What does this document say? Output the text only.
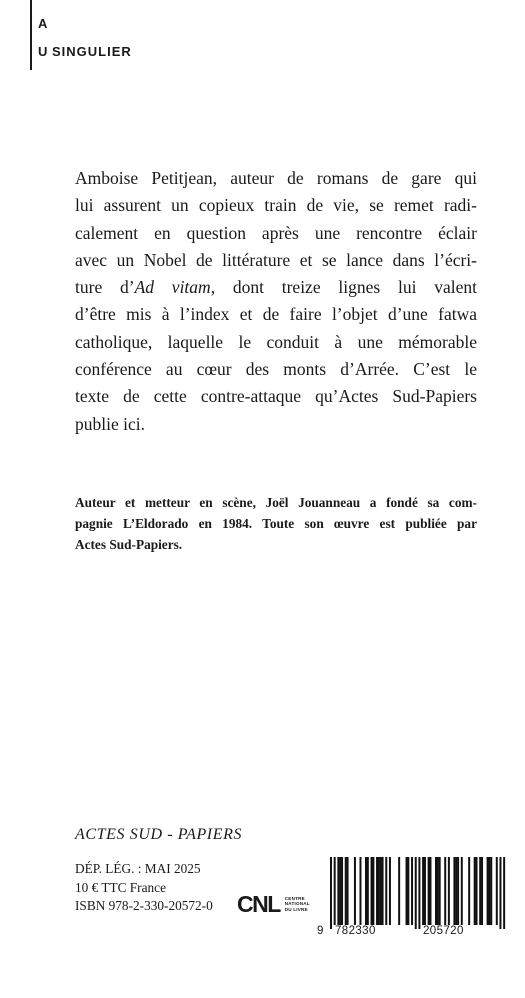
A
U SINGULIER
Amboise Petitjean, auteur de romans de gare qui
lui assurent un copieux train de vie, se remet radi-
calement en question après une rencontre éclair
avec un Nobel de littérature et se lance dans l’écri-
ture d’Ad vitam, dont treize lignes lui valent
d’être mis à l’index et de faire l’objet d’une fatwa
catholique, laquelle le conduit à une mémorable
conférence au cœur des monts d’Arrée. C’est le
texte de cette contre-attaque qu’Actes Sud-Papiers
publie ici.
Auteur et metteur en scène, Joël Jouanneau a fondé sa com-
pagnie L’Eldorado en 1984. Toute son œuvre est publiée par
Actes Sud-Papiers.
ACTES SUD - PAPIERS
DÉP. LÉG. : MAI 2025
10 € TTC France
ISBN 978-2-330-20572-0 CNL CENTRE
NATIONAL
DU LIVRE
9 782330	205720
